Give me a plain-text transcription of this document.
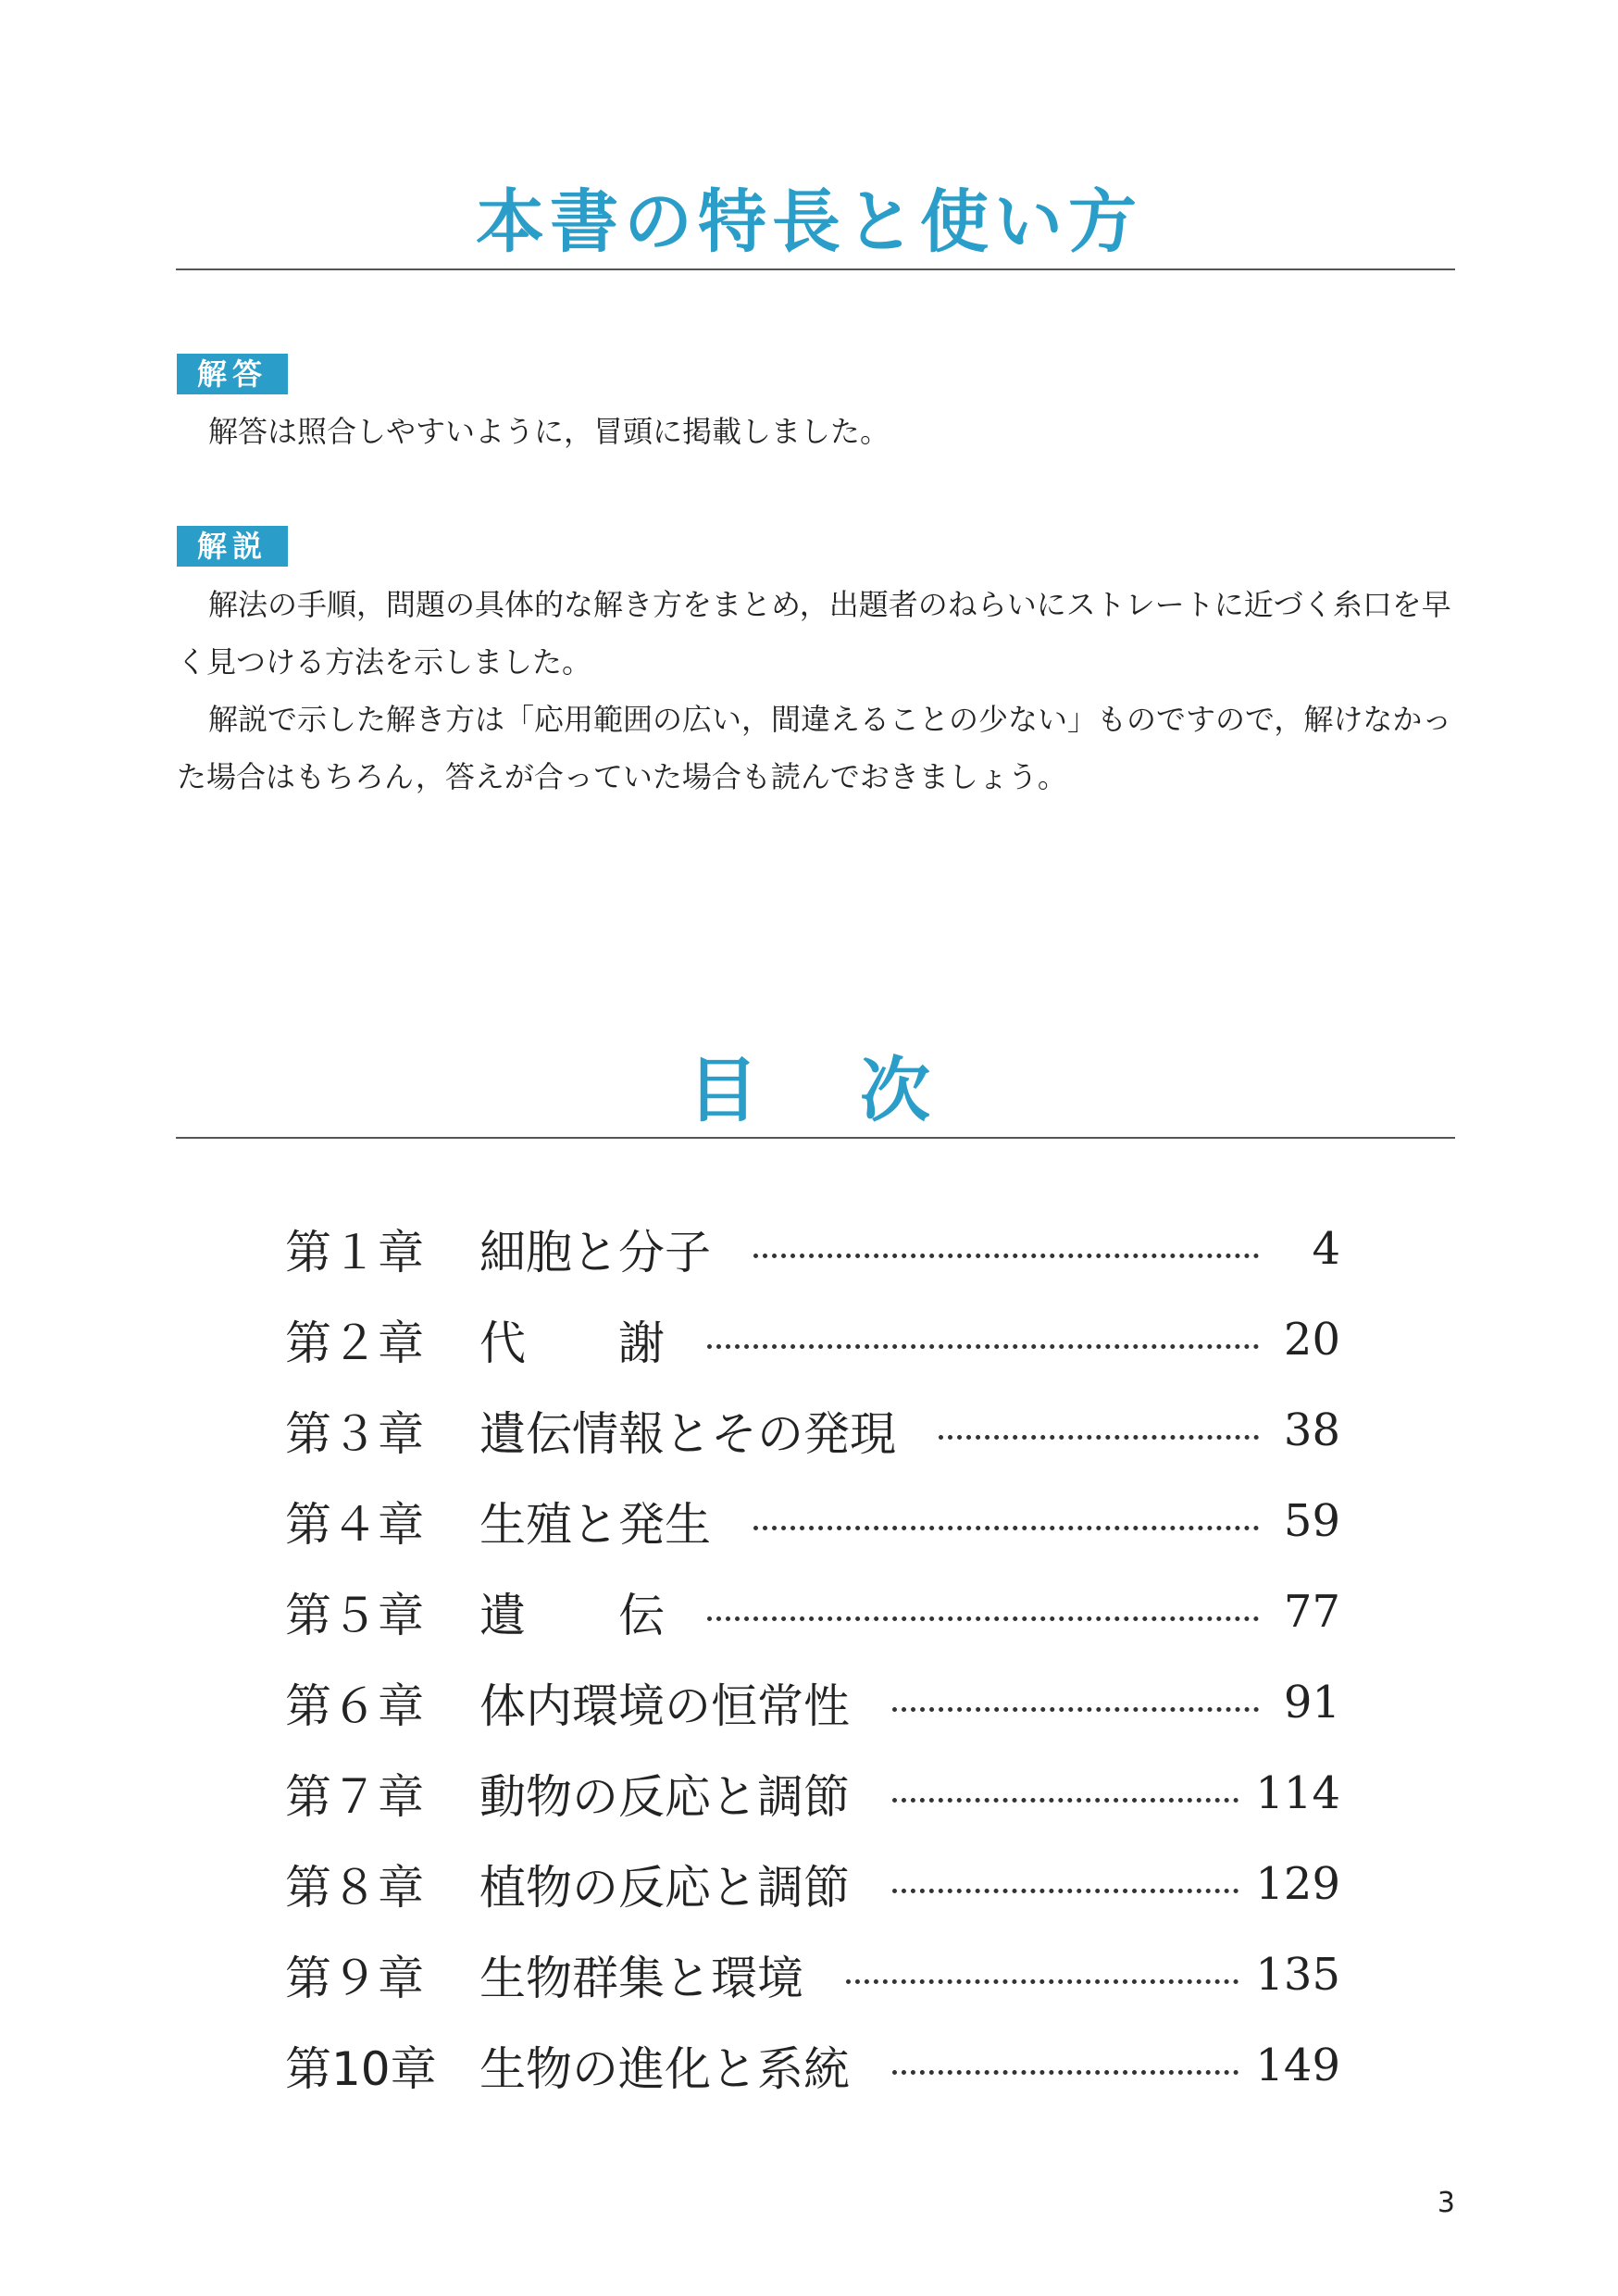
本書の特長と使い方
解答
解答は照合しやすいように，冒頭に掲載しました。
解説
解法の手順，問題の具体的な解き方をまとめ，出題者のねらいにストレートに近づく糸口を早く見つける方法を示しました。
解説で示した解き方は「応用範囲の広い，間違えることの少ない」ものですので，解けなかった場合はもちろん，答えが合っていた場合も読んでおきましょう。
目次
第１章	細胞と分子	4
第２章	代　　謝	20
第３章	遺伝情報とその発現	38
第４章	生殖と発生	59
第５章	遺　　伝	77
第６章	体内環境の恒常性	91
第７章	動物の反応と調節	114
第８章	植物の反応と調節	129
第９章	生物群集と環境	135
第10章 生物の進化と系統	149
3
